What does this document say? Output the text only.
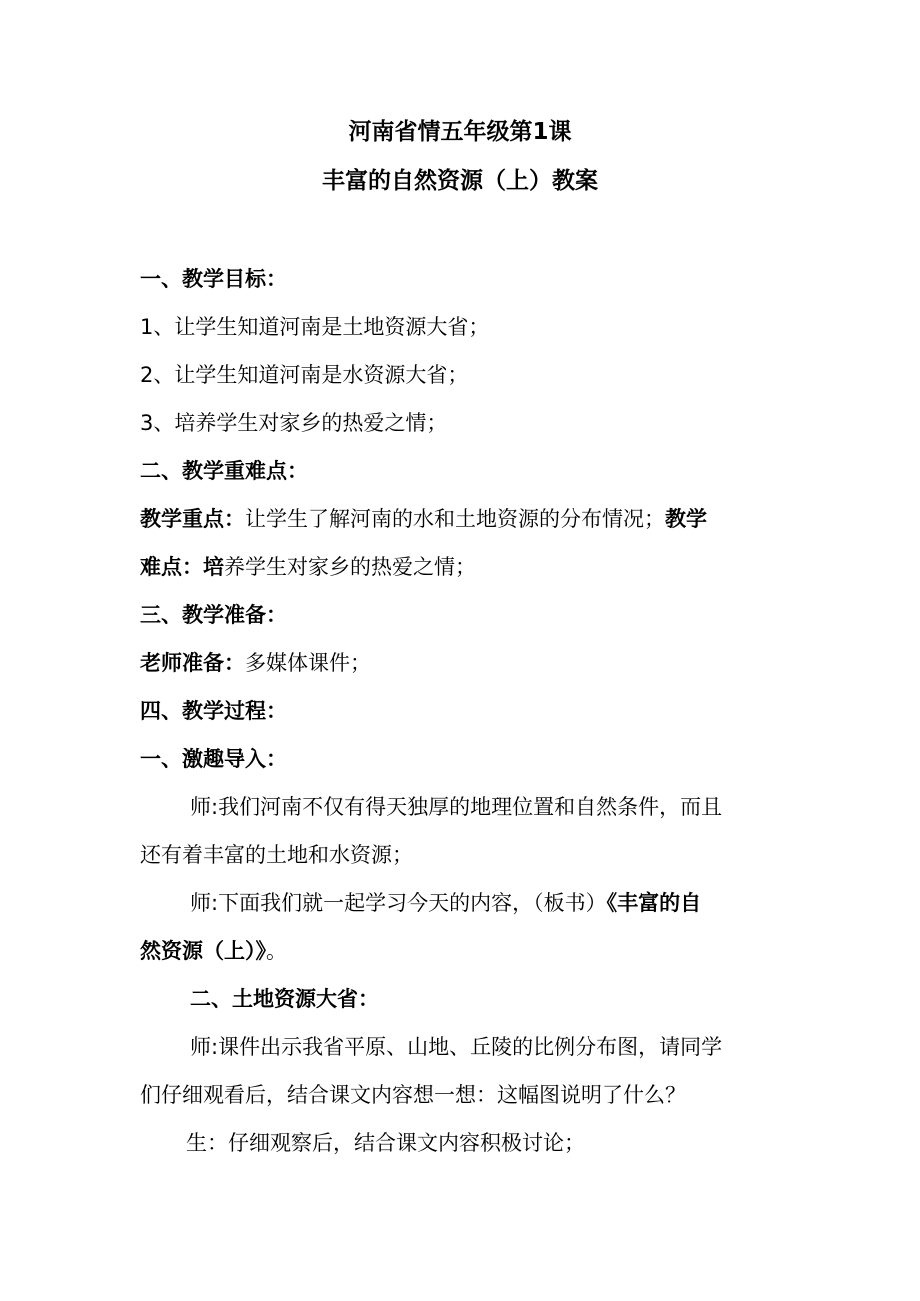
河南省情五年级第1课
丰富的自然资源（上）教案
一、教学目标：
1、让学生知道河南是土地资源大省；
2、让学生知道河南是水资源大省；
3、培养学生对家乡的热爱之情；
二、教学重难点：
教学重点：让学生了解河南的水和土地资源的分布情况；教学
难点：培养学生对家乡的热爱之情；
三、教学准备：
老师准备：多媒体课件；
四、教学过程：
一、激趣导入：
师:我们河南不仅有得天独厚的地理位置和自然条件，而且
还有着丰富的土地和水资源；
师:下面我们就一起学习今天的内容，（板书）《丰富的自
然资源（上）》。
二、土地资源大省：
师:课件出示我省平原、山地、丘陵的比例分布图，请同学
们仔细观看后，结合课文内容想一想：这幅图说明了什么？
生：仔细观察后，结合课文内容积极讨论；
